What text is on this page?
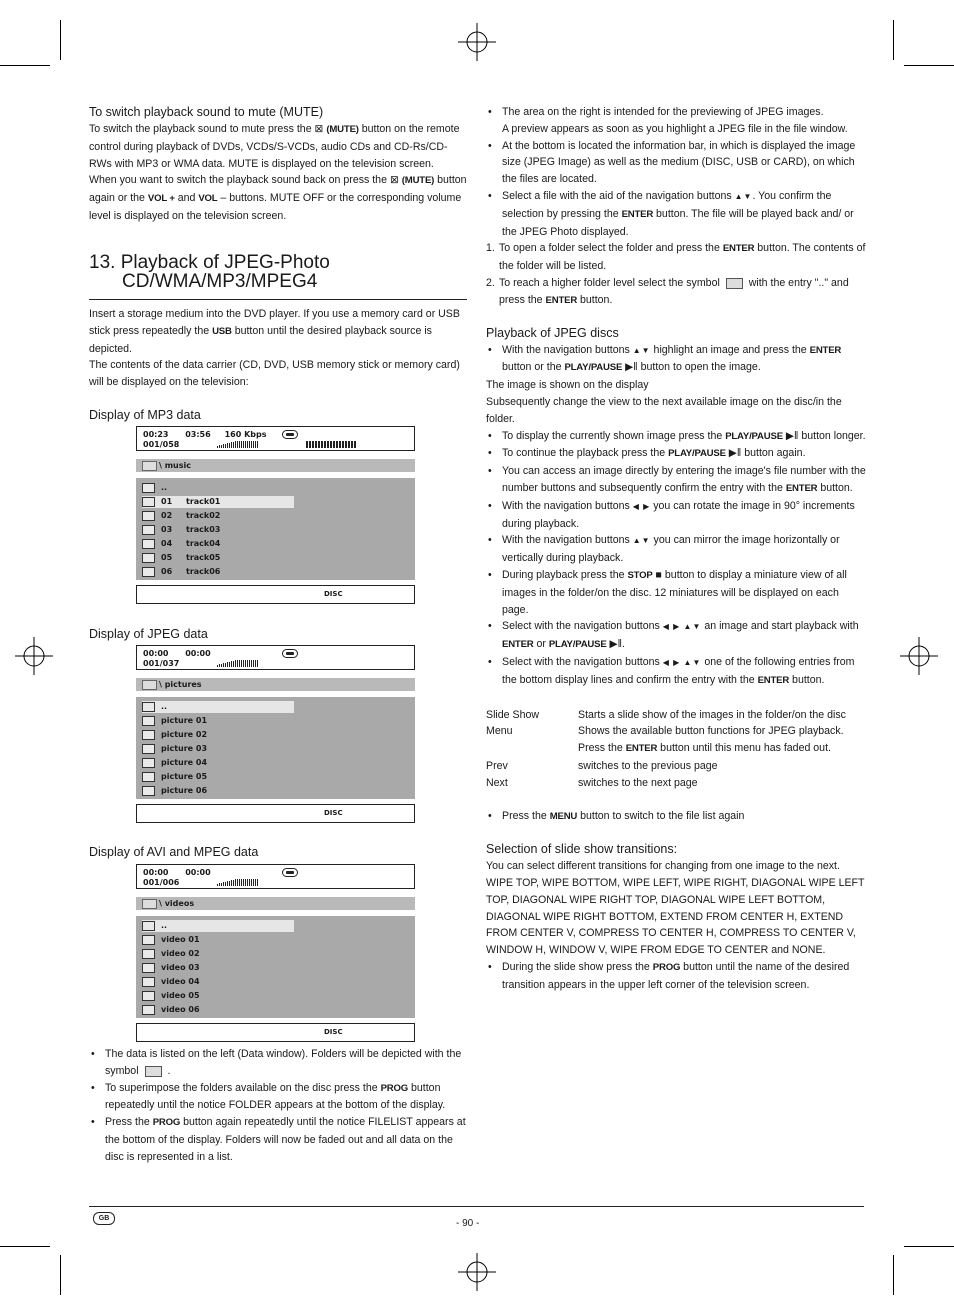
To switch playback sound to mute (MUTE)

To switch the playback sound to mute press the ⊠ (MUTE) button on the remote control during playback of DVDs, VCDs/S-VCDs, audio CDs and CD-Rs/CD-RWs with MP3 or WMA data. MUTE is displayed on the television screen.

When you want to switch the playback sound back on press the ⊠ (MUTE) button again or the VOL + and VOL – buttons. MUTE OFF or the corresponding volume level is displayed on the television screen.

13. Playback of JPEG-Photo

CD/WMA/MP3/MPEG4

Insert a storage medium into the DVD player. If you use a memory card or USB stick press repeatedly the USB button until the desired playback source is depicted.

The contents of the data carrier (CD, DVD, USB memory stick or memory card) will be displayed on the television:

Display of MP3 data

00:23 03:56 160 Kbps
001/058
\ music
..
01 track01
02 track02
03 track03
04 track04
05 track05
06 track06
DISC

Display of JPEG data

00:00 00:00
001/037
\ pictures
..
picture 01
picture 02
picture 03
picture 04
picture 05
picture 06
DISC

Display of AVI and MPEG data

00:00 00:00
001/006
\ videos
..
video 01
video 02
video 03
video 04
video 05
video 06
DISC
• The data is listed on the left (Data window). Folders will be depicted with the symbol	.
• To superimpose the folders available on the disc press the PROG button repeatedly until the notice FOLDER appears at the bottom of the display.
• Press the PROG button again repeatedly until the notice FILELIST appears at the bottom of the display. Folders will now be faded out and all data on the disc is represented in a list.
• The area on the right is intended for the previewing of JPEG images.
A preview appears as soon as you highlight a JPEG file in the file window.
• At the bottom is located the information bar, in which is displayed the image size (JPEG Image) as well as the medium (DISC, USB or CARD), on which the files are located.
• Select a file with the aid of the navigation buttons ▲▼. You confirm the selection by pressing the ENTER button. The file will be played back and/ or the JPEG Photo displayed.
1. To open a folder select the folder and press the ENTER button. The contents of the folder will be listed.
2. To reach a higher folder level select the symbol	with the entry ".." and press the ENTER button.

Playback of JPEG discs

• With the navigation buttons ▲▼ highlight an image and press the ENTER button or the PLAY/PAUSE ▶‖ button to open the image.

The image is shown on the display

Subsequently change the view to the next available image on the disc/in the folder.

• To display the currently shown image press the PLAY/PAUSE ▶‖ button longer.
• To continue the playback press the PLAY/PAUSE ▶‖ button again.
• You can access an image directly by entering the image's file number with the number buttons and subsequently confirm the entry with the ENTER button.
• With the navigation buttons ◀ ▶ you can rotate the image in 90° increments during playback.
• With the navigation buttons ▲▼ you can mirror the image horizontally or vertically during playback.
• During playback press the STOP ■ button to display a miniature view of all images in the folder/on the disc. 12 miniatures will be displayed on each page.
• Select with the navigation buttons ◀ ▶ ▲▼ an image and start playback with ENTER or PLAY/PAUSE ▶‖.
• Select with the navigation buttons ◀ ▶ ▲▼ one of the following entries from the bottom display lines and confirm the entry with the ENTER button.
Slide Show	Starts a slide show of the images in the folder/on the disc
Menu	Shows the available button functions for JPEG playback.
Press the ENTER button until this menu has faded out.
Prev	switches to the previous page
Next	switches to the next page
• Press the MENU button to switch to the file list again

Selection of slide show transitions:

You can select different transitions for changing from one image to the next.

WIPE TOP, WIPE BOTTOM, WIPE LEFT, WIPE RIGHT, DIAGONAL WIPE LEFT TOP, DIAGONAL WIPE RIGHT TOP, DIAGONAL WIPE LEFT BOTTOM, DIAGONAL WIPE RIGHT BOTTOM, EXTEND FROM CENTER H, EXTEND FROM CENTER V, COMPRESS TO CENTER H, COMPRESS TO CENTER V, WINDOW H, WINDOW V, WIPE FROM EDGE TO CENTER and NONE.

• During the slide show press the PROG button until the name of the desired transition appears in the upper left corner of the television screen.
GB	- 90 -
